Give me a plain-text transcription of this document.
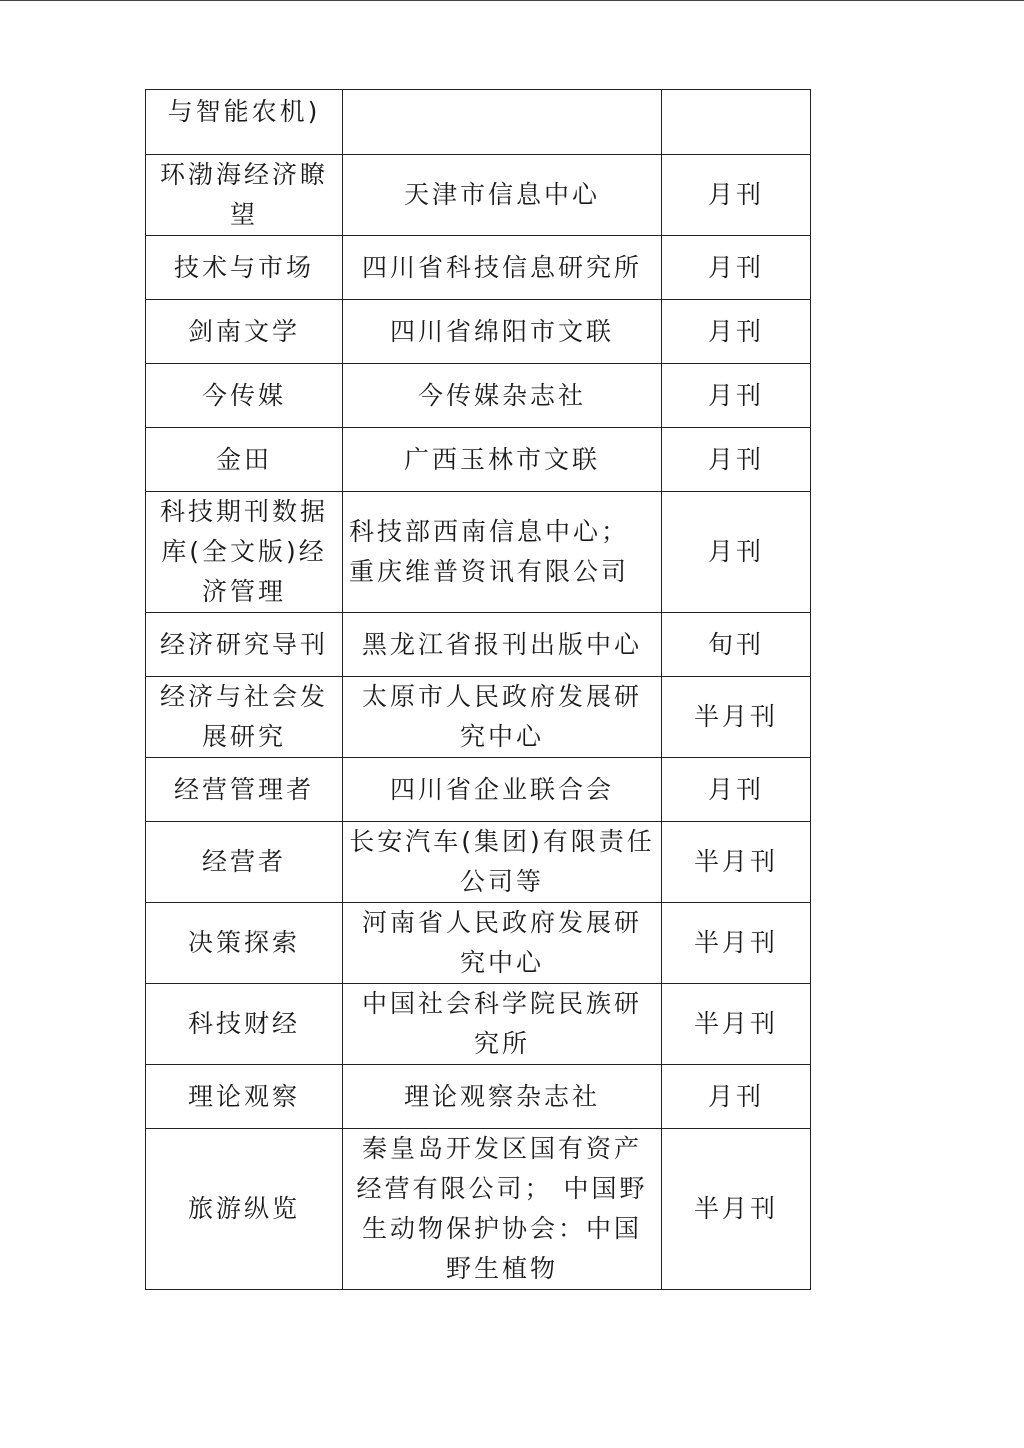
与智能农机)		
环渤海经济瞭望	天津市信息中心	月刊
技术与市场	四川省科技信息研究所	月刊
剑南文学	四川省绵阳市文联	月刊
今传媒	今传媒杂志社	月刊
金田	广西玉林市文联	月刊
科技期刊数据库(全文版)经济管理	科技部西南信息中心；重庆维普资讯有限公司	月刊
经济研究导刊	黑龙江省报刊出版中心	旬刊
经济与社会发展研究	太原市人民政府发展研究中心	半月刊
经营管理者	四川省企业联合会	月刊
经营者	长安汽车(集团)有限责任公司等	半月刊
决策探索	河南省人民政府发展研究中心	半月刊
科技财经	中国社会科学院民族研究所	半月刊
理论观察	理论观察杂志社	月刊
旅游纵览	秦皇岛开发区国有资产经营有限公司； 中国野生动物保护协会：中国野生植物	半月刊
